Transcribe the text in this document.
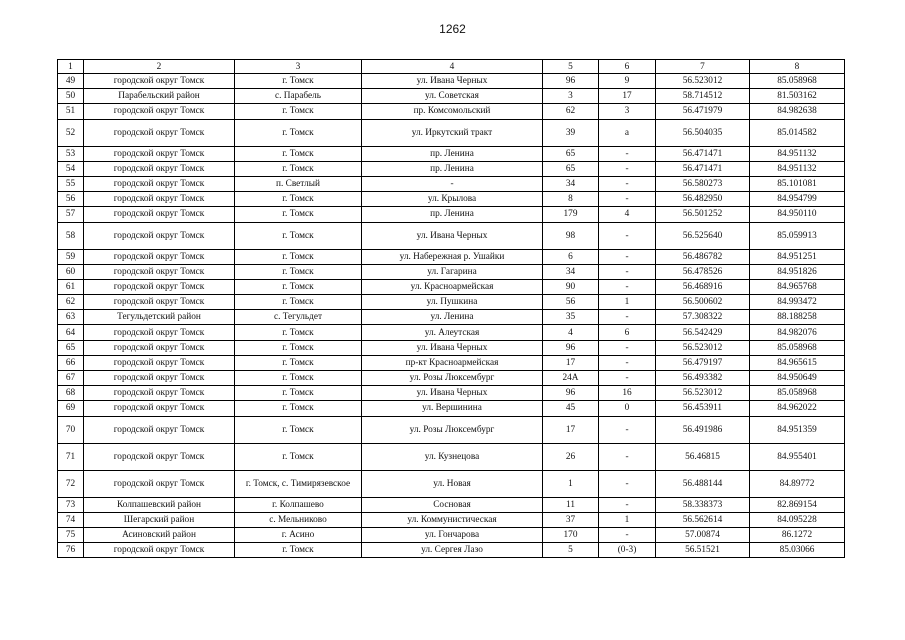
1262
1	2	3	4	5	6	7	8
49	городской округ Томск	г. Томск	ул. Ивана Черных	96	9	56.523012	85.058968
50	Парабельский район	с. Парабель	ул. Советская	3	17	58.714512	81.503162
51	городской округ Томск	г. Томск	пр. Комсомольский	62	3	56.471979	84.982638
52	городской округ Томск	г. Томск	ул. Иркутский тракт	39	а	56.504035	85.014582
53	городской округ Томск	г. Томск	пр. Ленина	65	-	56.471471	84.951132
54	городской округ Томск	г. Томск	пр. Ленина	65	-	56.471471	84.951132
55	городской округ Томск	п. Светлый	-	34	-	56.580273	85.101081
56	городской округ Томск	г. Томск	ул. Крылова	8	-	56.482950	84.954799
57	городской округ Томск	г. Томск	пр. Ленина	179	4	56.501252	84.950110
58	городской округ Томск	г. Томск	ул. Ивана Черных	98	-	56.525640	85.059913
59	городской округ Томск	г. Томск	ул. Набережная р. Ушайки	6	-	56.486782	84.951251
60	городской округ Томск	г. Томск	ул. Гагарина	34	-	56.478526	84.951826
61	городской округ Томск	г. Томск	ул. Красноармейская	90	-	56.468916	84.965768
62	городской округ Томск	г. Томск	ул. Пушкина	56	1	56.500602	84.993472
63	Тегульдетский район	с. Тегульдет	ул. Ленина	35	-	57.308322	88.188258
64	городской округ Томск	г. Томск	ул. Алеутская	4	6	56.542429	84.982076
65	городской округ Томск	г. Томск	ул. Ивана Черных	96	-	56.523012	85.058968
66	городской округ Томск	г. Томск	пр-кт Красноармейская	17	-	56.479197	84.965615
67	городской округ Томск	г. Томск	ул. Розы Люксембург	24А	-	56.493382	84.950649
68	городской округ Томск	г. Томск	ул. Ивана Черных	96	16	56.523012	85.058968
69	городской округ Томск	г. Томск	ул. Вершинина	45	0	56.453911	84.962022
70	городской округ Томск	г. Томск	ул. Розы Люксембург	17	-	56.491986	84.951359
71	городской округ Томск	г. Томск	ул. Кузнецова	26	-	56.46815	84.955401
72	городской округ Томск	г. Томск, с. Тимирязевское	ул. Новая	1	-	56.488144	84.89772
73	Колпашевский район	г. Колпашево	Сосновая	11	-	58.338373	82.869154
74	Шегарский район	с. Мельниково	ул. Коммунистическая	37	1	56.562614	84.095228
75	Асиновский район	г. Асино	ул. Гончарова	170	-	57.00874	86.1272
76	городской округ Томск	г. Томск	ул. Сергея Лазо	5	(0-3)	56.51521	85.03066
